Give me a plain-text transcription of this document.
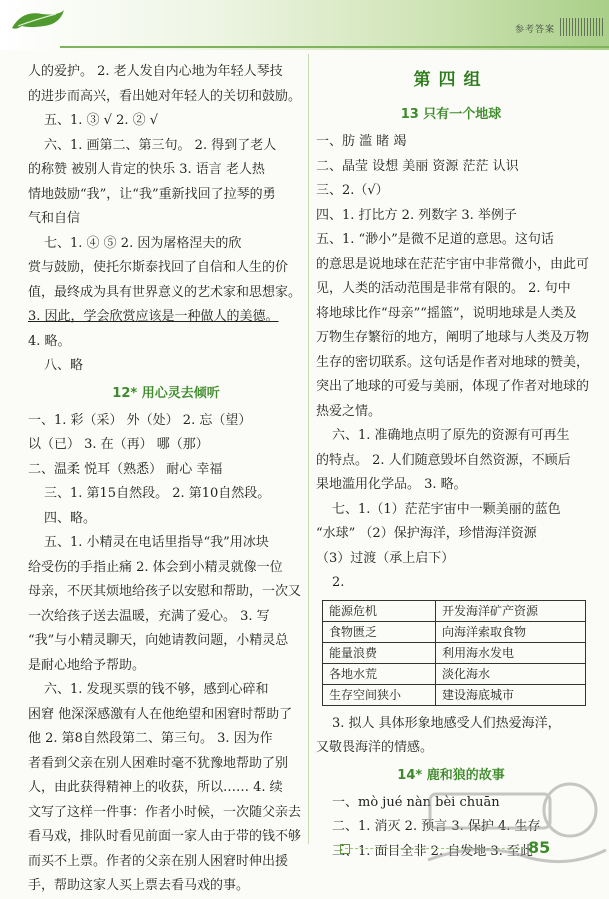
参考答案
人的爱护。 2. 老人发自内心地为年轻人琴技
的进步而高兴，看出她对年轻人的关切和鼓励。
五、1. ③ √ 2. ② √
六、1. 画第二、第三句。 2. 得到了老人
的称赞 被别人肯定的快乐 3. 语言 老人热
情地鼓励“我”，让“我”重新找回了拉琴的勇
气和自信
七、1. ④ ⑤ 2. 因为屠格涅夫的欣
赏与鼓励，使托尔斯泰找回了自信和人生的价
值，最终成为具有世界意义的艺术家和思想家。
3. 因此，学会欣赏应该是一种做人的美德。
4. 略。
八、略
12* 用心灵去倾听
一、1. 彩（采） 外（处） 2. 忘（望）
以（已） 3. 在（再） 哪（那）
二、温柔 悦耳（熟悉） 耐心 幸福
三、1. 第15自然段。 2. 第10自然段。
四、略。
五、1. 小精灵在电话里指导“我”用冰块
给受伤的手指止痛 2. 体会到小精灵就像一位
母亲，不厌其烦地给孩子以安慰和帮助，一次又
一次给孩子送去温暖，充满了爱心。 3. 写
“我”与小精灵聊天，向她请教问题，小精灵总
是耐心地给予帮助。
六、1. 发现买票的钱不够，感到心碎和
困窘 他深深感激有人在他绝望和困窘时帮助了
他 2. 第8自然段第二、第三句。 3. 因为作
者看到父亲在别人困难时毫不犹豫地帮助了别
人，由此获得精神上的收获，所以…… 4. 续
文写了这样一件事：作者小时候，一次随父亲去
看马戏，排队时看见前面一家人由于带的钱不够
而买不上票。作者的父亲在别人困窘时伸出援
手，帮助这家人买上票去看马戏的事。
第四组
13 只有一个地球
一、肪 滥 睹 竭
二、晶莹 设想 美丽 资源 茫茫 认识
三、2.（√）
四、1. 打比方 2. 列数字 3. 举例子
五、1. “渺小”是微不足道的意思。这句话
的意思是说地球在茫茫宇宙中非常微小，由此可
见，人类的活动范围是非常有限的。 2. 句中
将地球比作“母亲”“摇篮”，说明地球是人类及
万物生存繁衍的地方，阐明了地球与人类及万物
生存的密切联系。这句话是作者对地球的赞美，
突出了地球的可爱与美丽，体现了作者对地球的
热爱之情。
六、1. 准确地点明了原先的资源有可再生
的特点。 2. 人们随意毁坏自然资源，不顾后
果地滥用化学品。 3. 略。
七、1.（1）茫茫宇宙中一颗美丽的蓝色
“水球” （2）保护海洋，珍惜海洋资源
（3）过渡（承上启下）
2.
能源危机	开发海洋矿产资源
食物匮乏	向海洋索取食物
能量浪费	利用海水发电
各地水荒	淡化海水
生存空间狭小	建设海底城市
3. 拟人 具体形象地感受人们热爱海洋，
又敬畏海洋的情感。
14* 鹿和狼的故事
一、mò jué nàn bèi chuān
二、1. 消灭 2. 预言 3. 保护 4. 生存
三、1. 面目全非 2. 自发地 3. 至此
85
